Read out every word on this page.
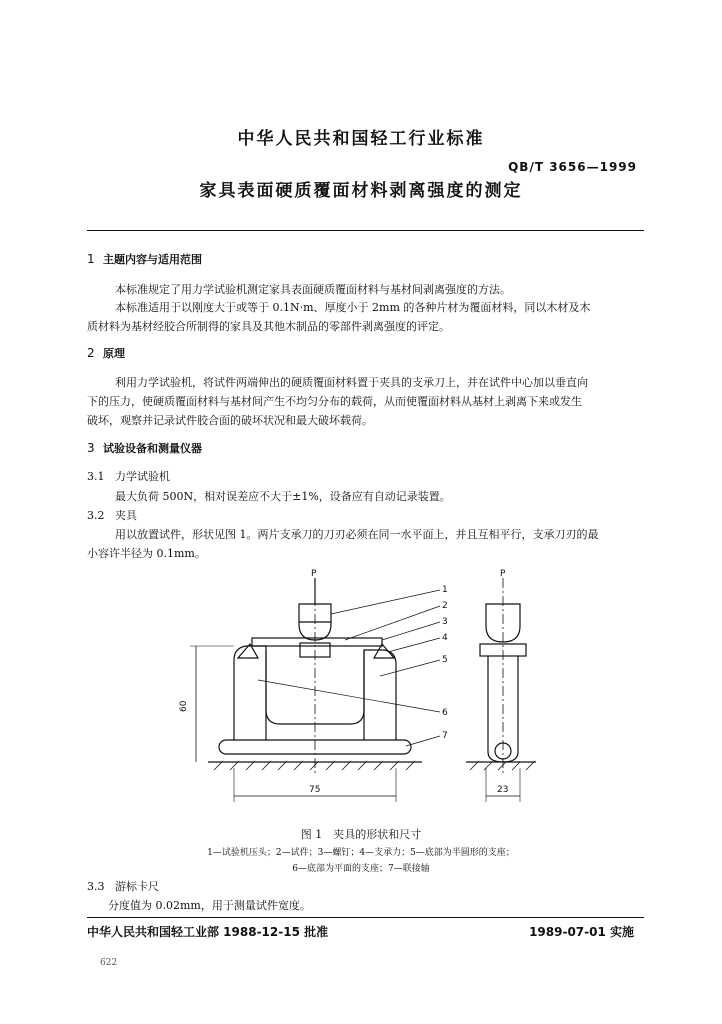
中华人民共和国轻工行业标准
QB/T 3656—1999
家具表面硬质覆面材料剥离强度的测定
1 主题内容与适用范围
本标准规定了用力学试验机测定家具表面硬质覆面材料与基材间剥离强度的方法。
本标准适用于以刚度大于或等于 0.1N·m、厚度小于 2mm 的各种片材为覆面材料，同以木材及木
质材料为基材经胶合所制得的家具及其他木制品的零部件剥离强度的评定。
2 原理
利用力学试验机，将试件两端伸出的硬质覆面材料置于夹具的支承刀上，并在试件中心加以垂直向
下的压力，使硬质覆面材料与基材间产生不均匀分布的载荷，从而使覆面材料从基材上剥离下来或发生
破坏，观察并记录试件胶合面的破坏状况和最大破坏载荷。
3 试验设备和测量仪器
3.1 力学试验机
最大负荷 500N，相对误差应不大于±1%，设备应有自动记录装置。
3.2 夹具
用以放置试件，形状见图 1。两片支承刀的刀刃必须在同一水平面上，并且互相平行，支承刀刃的最
小容许半径为 0.1mm。
P	P
60
75	23
1
2
3
4
5
6
7
图 1　夹具的形状和尺寸
1—试验机压头；2—试件；3—螺钉；4—支承力；5—底部为半圆形的支座；
6—底部为平面的支座；7—联接轴
3.3 游标卡尺
分度值为 0.02mm，用于测量试件宽度。
中华人民共和国轻工业部 1988-12-15 批准	1989-07-01 实施
622
